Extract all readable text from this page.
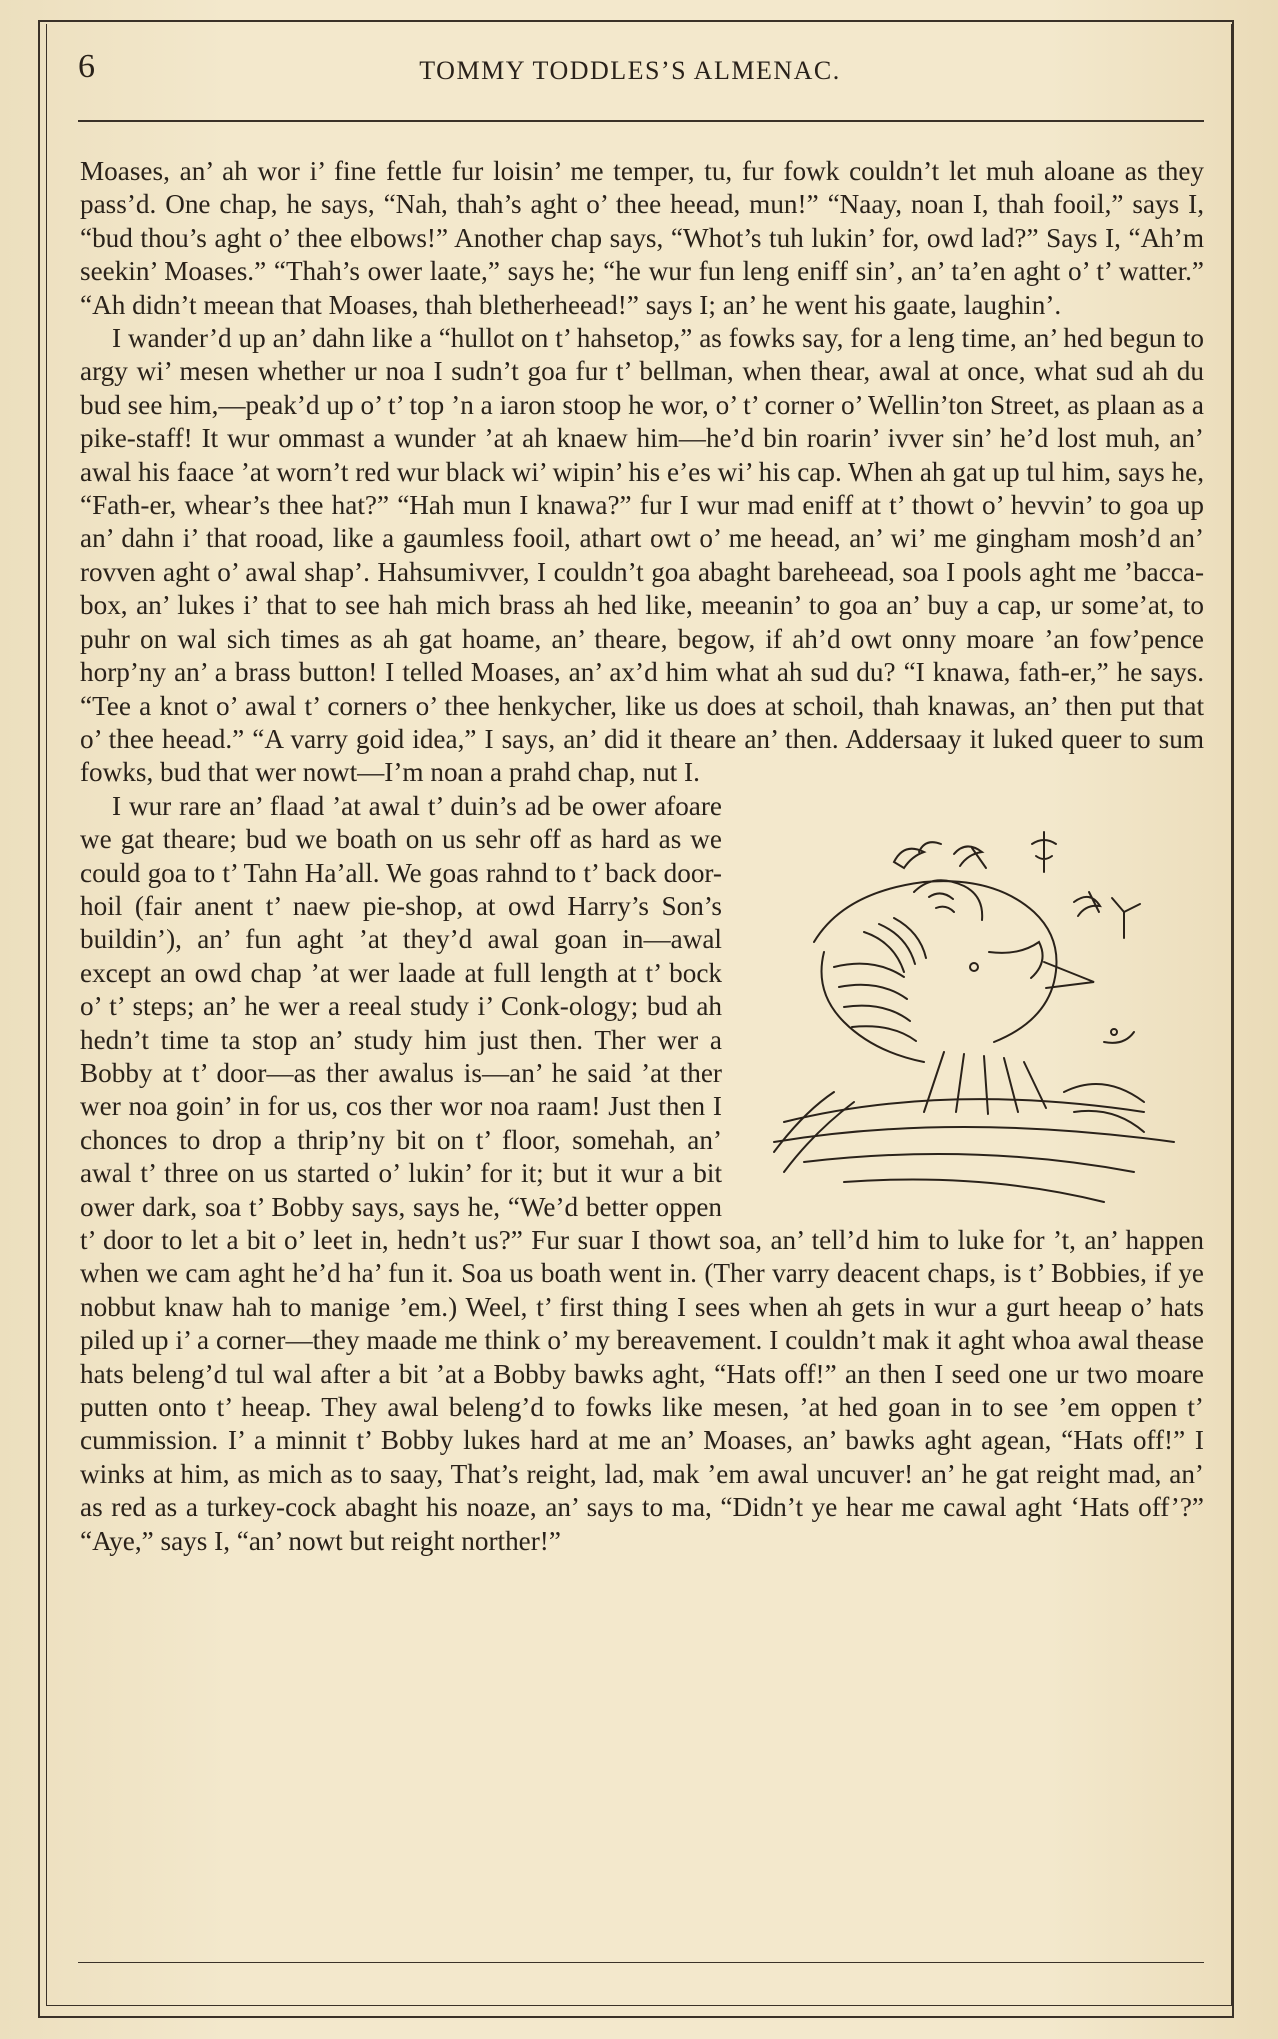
6	TOMMY TODDLES’S ALMENAC.

Moases, an’ ah wor i’ fine fettle fur loisin’ me temper, tu, fur fowk couldn’t let muh aloane as they pass’d. One chap, he says, “Nah, thah’s aght o’ thee heead, mun!” “Naay, noan I, thah fooil,” says I, “bud thou’s aght o’ thee elbows!” Another chap says, “Whot’s tuh lukin’ for, owd lad?” Says I, “Ah’m seekin’ Moases.” “Thah’s ower laate,” says he; “he wur fun leng eniff sin’, an’ ta’en aght o’ t’ watter.” “Ah didn’t meean that Moases, thah bletherheead!” says I; an’ he went his gaate, laughin’.

I wander’d up an’ dahn like a “hullot on t’ hahsetop,” as fowks say, for a leng time, an’ hed begun to argy wi’ mesen whether ur noa I sudn’t goa fur t’ bellman, when thear, awal at once, what sud ah du bud see him,—peak’d up o’ t’ top ’n a iaron stoop he wor, o’ t’ corner o’ Wellin’ton Street, as plaan as a pike-staff! It wur ommast a wunder ’at ah knaew him—he’d bin roarin’ ivver sin’ he’d lost muh, an’ awal his faace ’at worn’t red wur black wi’ wipin’ his e’es wi’ his cap. When ah gat up tul him, says he, “Fath-er, whear’s thee hat?” “Hah mun I knawa?” fur I wur mad eniff at t’ thowt o’ hevvin’ to goa up an’ dahn i’ that rooad, like a gaumless fooil, athart owt o’ me heead, an’ wi’ me gingham mosh’d an’ rovven aght o’ awal shap’. Hahsumivver, I couldn’t goa abaght bareheead, soa I pools aght me ’bacca-box, an’ lukes i’ that to see hah mich brass ah hed like, meeanin’ to goa an’ buy a cap, ur some’at, to puhr on wal sich times as ah gat hoame, an’ theare, begow, if ah’d owt onny moare ’an fow’pence horp’ny an’ a brass button! I telled Moases, an’ ax’d him what ah sud du? “I knawa, fath-er,” he says. “Tee a knot o’ awal t’ corners o’ thee henkycher, like us does at schoil, thah knawas, an’ then put that o’ thee heead.” “A varry goid idea,” I says, an’ did it theare an’ then. Addersaay it luked queer to sum fowks, bud that wer nowt—I’m noan a prahd chap, nut I.

I wur rare an’ flaad ’at awal t’ duin’s ad be ower afoare we gat theare; bud we boath on us sehr off as hard as we could goa to t’ Tahn Ha’all. We goas rahnd to t’ back door-hoil (fair anent t’ naew pie-shop, at owd Harry’s Son’s buildin’), an’ fun aght ’at they’d awal goan in—awal except an owd chap ’at wer laade at full length at t’ bock o’ t’ steps; an’ he wer a reeal study i’ Conk-ology; bud ah hedn’t time ta stop an’ study him just then. Ther wer a Bobby at t’ door—as ther awalus is—an’ he said ’at ther wer noa goin’ in for us, cos ther wor noa raam! Just then I chonces to drop a thrip’ny bit on t’ floor, somehah, an’ awal t’ three on us started o’ lukin’ for it; but it wur a bit ower dark, soa t’ Bobby says, says he, “We’d better oppen t’ door to let a bit o’ leet in, hedn’t us?” Fur suar I thowt soa, an’ tell’d him to luke for ’t, an’ happen when we cam aght he’d ha’ fun it. Soa us boath went in. (Ther varry deacent chaps, is t’ Bobbies, if ye nobbut knaw hah to manige ’em.) Weel, t’ first thing I sees when ah gets in wur a gurt heeap o’ hats piled up i’ a corner—they maade me think o’ my bereavement. I couldn’t mak it aght whoa awal thease hats beleng’d tul wal after a bit ’at a Bobby bawks aght, “Hats off!” an then I seed one ur two moare putten onto t’ heeap. They awal beleng’d to fowks like mesen, ’at hed goan in to see ’em oppen t’ cummission. I’ a minnit t’ Bobby lukes hard at me an’ Moases, an’ bawks aght agean, “Hats off!” I winks at him, as mich as to saay, That’s reight, lad, mak ’em awal uncuver! an’ he gat reight mad, an’ as red as a turkey-cock abaght his noaze, an’ says to ma, “Didn’t ye hear me cawal aght ‘Hats off’?” “Aye,” says I, “an’ nowt but reight norther!”
